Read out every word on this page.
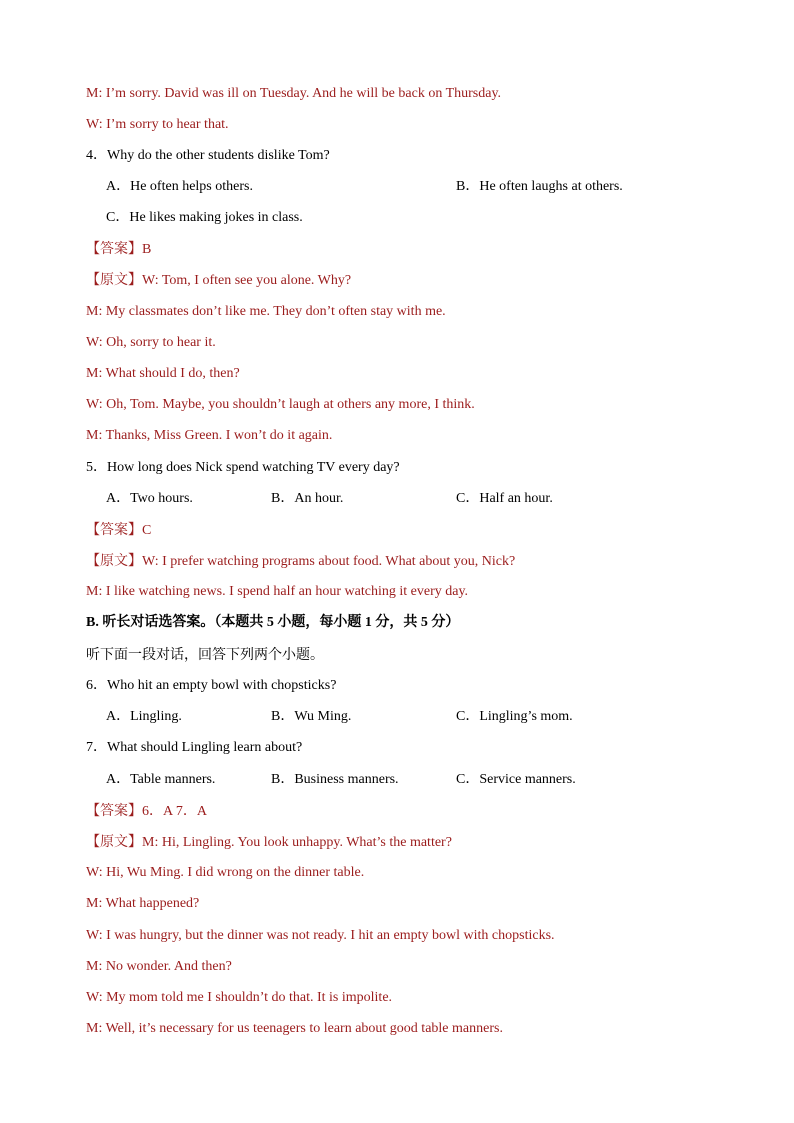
M: I’m sorry. David was ill on Tuesday. And he will be back on Thursday.
W: I’m sorry to hear that.
4．Why do the other students dislike Tom?
A．He often helps others.	B．He often laughs at others.
C．He likes making jokes in class.
【答案】B
【原文】W: Tom, I often see you alone. Why?
M: My classmates don’t like me. They don’t often stay with me.
W: Oh, sorry to hear it.
M: What should I do, then?
W: Oh, Tom. Maybe, you shouldn’t laugh at others any more, I think.
M: Thanks, Miss Green. I won’t do it again.
5．How long does Nick spend watching TV every day?
A．Two hours.	B．An hour.	C．Half an hour.
【答案】C
【原文】W: I prefer watching programs about food. What about you, Nick?
M: I like watching news. I spend half an hour watching it every day.
B. 听长对话选答案。（本题共 5 小题，每小题 1 分，共 5 分）
听下面一段对话，回答下列两个小题。
6．Who hit an empty bowl with chopsticks?
A．Lingling.	B．Wu Ming.	C．Lingling’s mom.
7．What should Lingling learn about?
A．Table manners.	B．Business manners.	C．Service manners.
【答案】6．A 7．A
【原文】M: Hi, Lingling. You look unhappy. What’s the matter?
W: Hi, Wu Ming. I did wrong on the dinner table.
M: What happened?
W: I was hungry, but the dinner was not ready. I hit an empty bowl with chopsticks.
M: No wonder. And then?
W: My mom told me I shouldn’t do that. It is impolite.
M: Well, it’s necessary for us teenagers to learn about good table manners.
